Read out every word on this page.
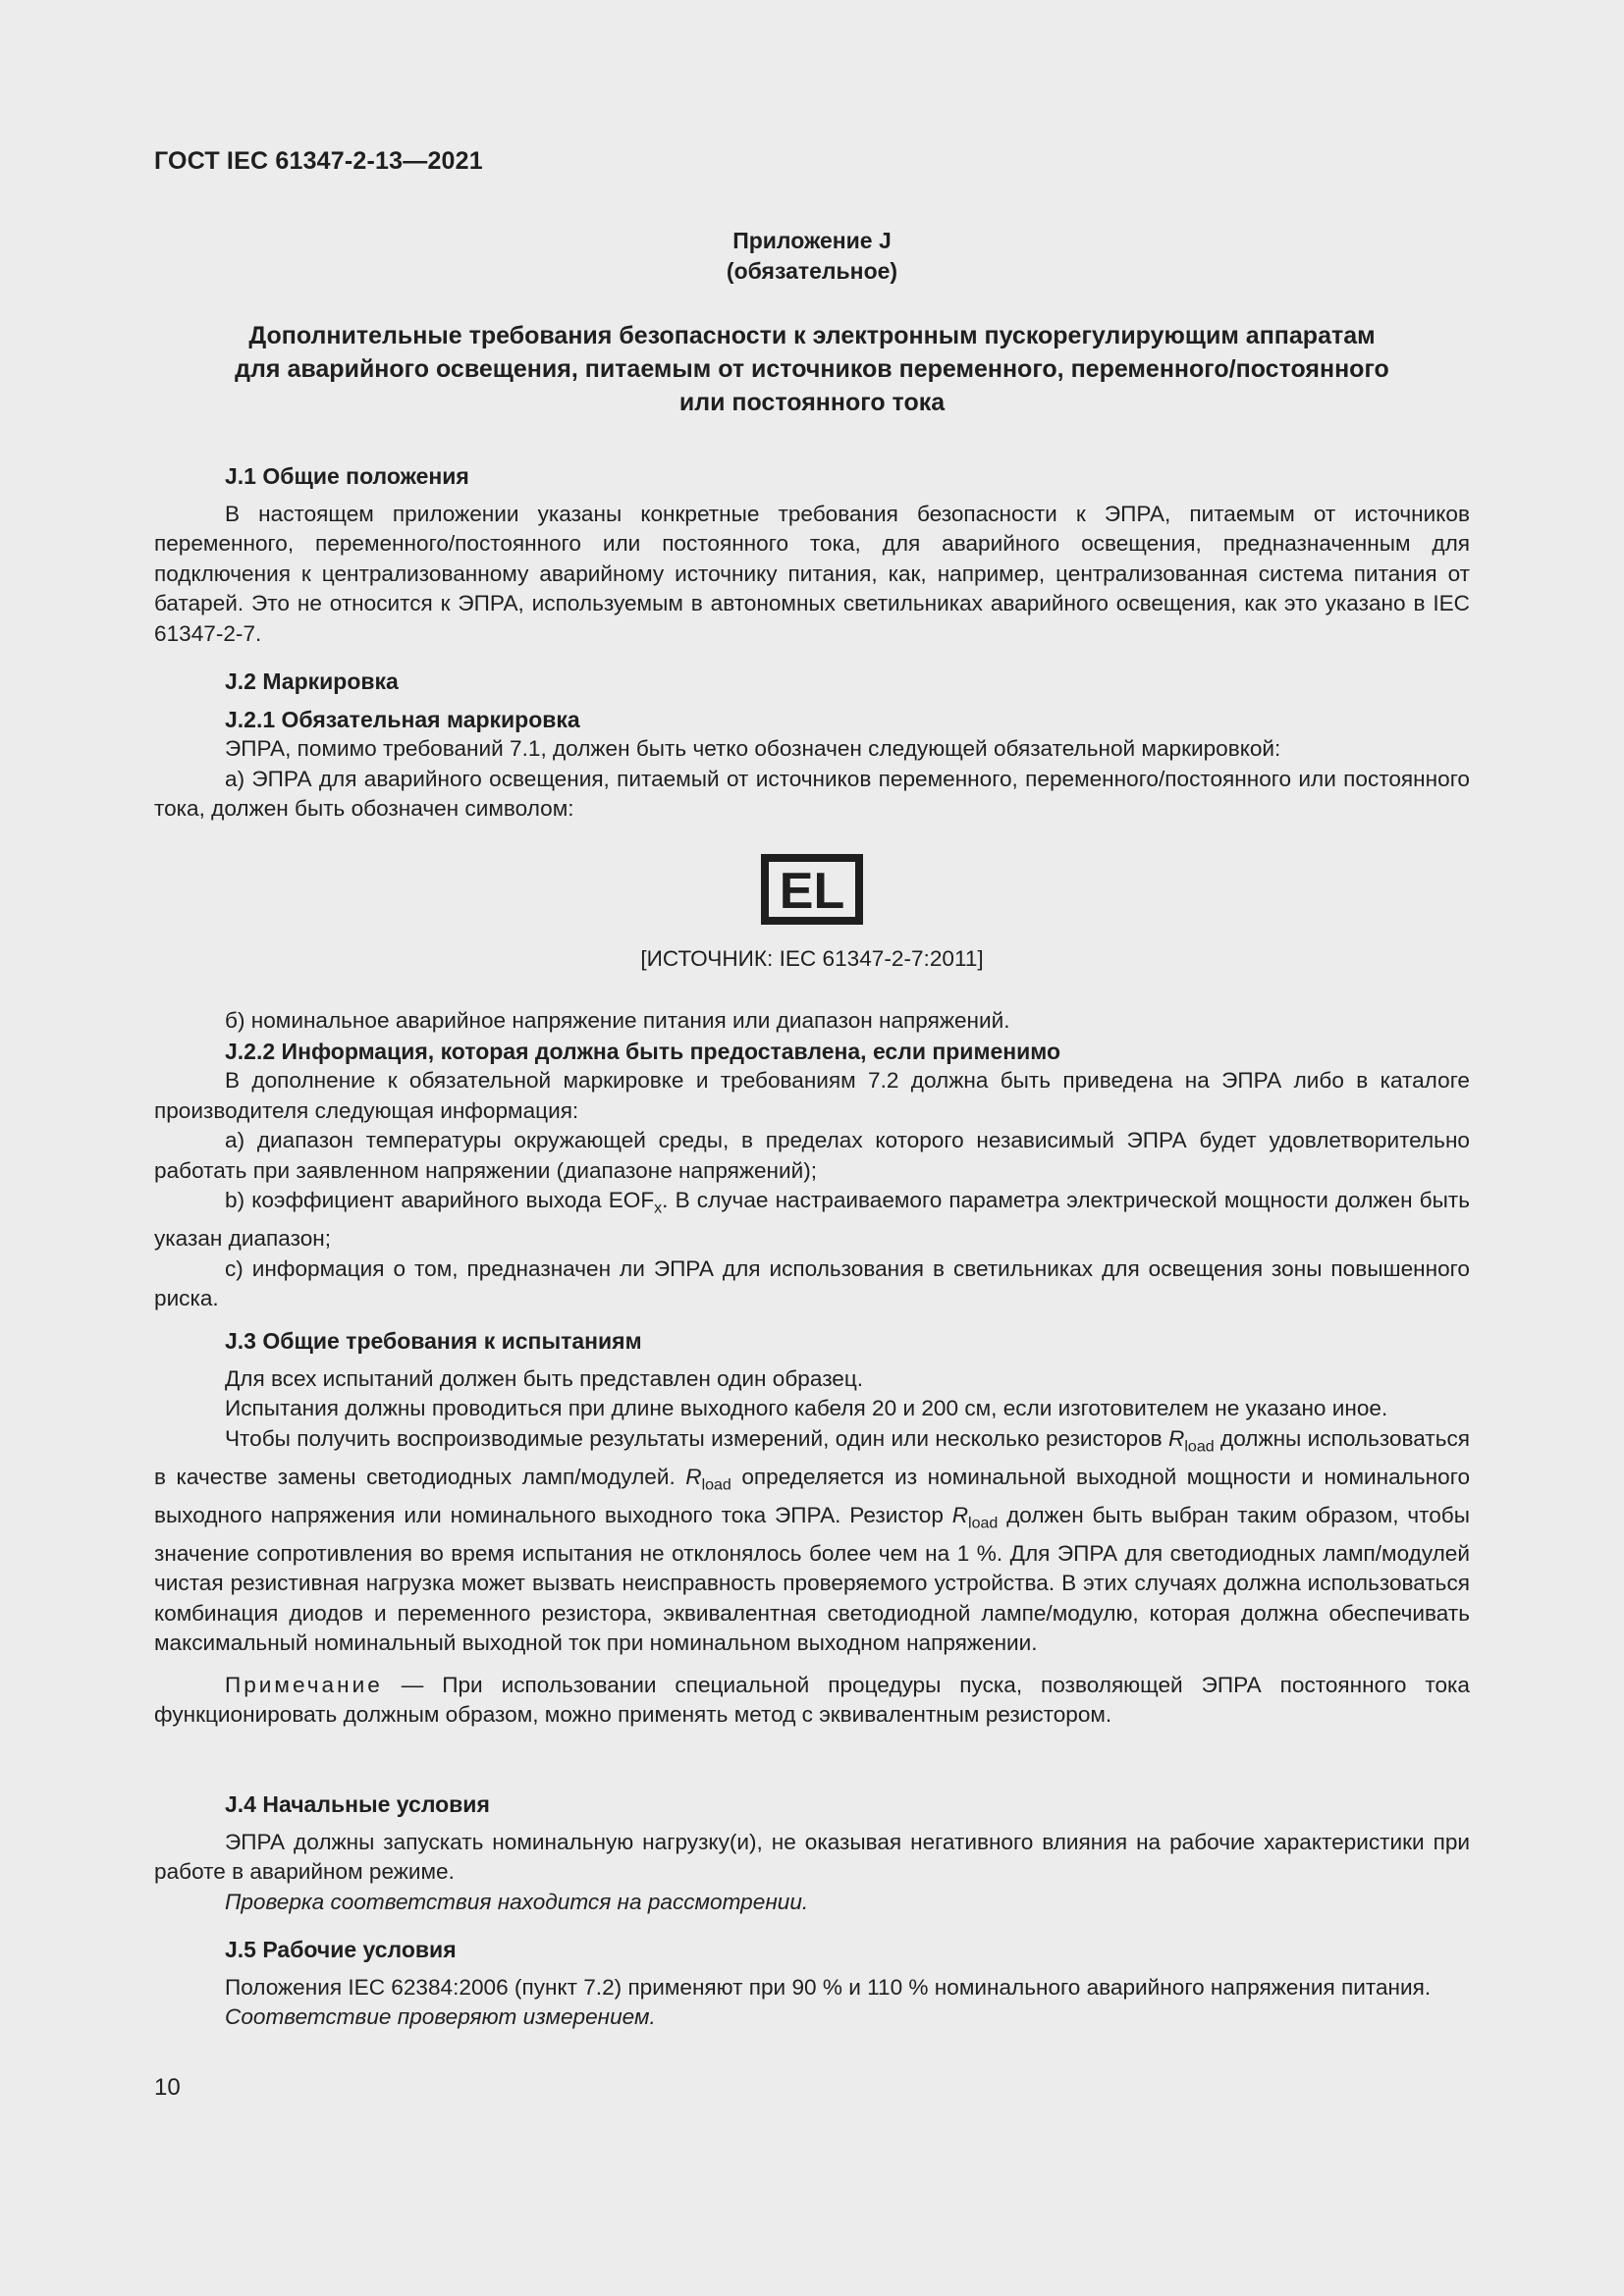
ГОСТ IEC 61347-2-13—2021
Приложение J
(обязательное)
Дополнительные требования безопасности к электронным пускорегулирующим аппаратам
для аварийного освещения, питаемым от источников переменного, переменного/постоянного
или постоянного тока

J.1 Общие положения

В настоящем приложении указаны конкретные требования безопасности к ЭПРА, питаемым от источников переменного, переменного/постоянного или постоянного тока, для аварийного освещения, предназначенным для подключения к централизованному аварийному источнику питания, как, например, централизованная система питания от батарей. Это не относится к ЭПРА, используемым в автономных светильниках аварийного освещения, как это указано в IEC 61347-2-7.

J.2 Маркировка

J.2.1 Обязательная маркировка

ЭПРА, помимо требований 7.1, должен быть четко обозначен следующей обязательной маркировкой:

а) ЭПРА для аварийного освещения, питаемый от источников переменного, переменного/постоянного или постоянного тока, должен быть обозначен символом:

EL
[ИСТОЧНИК: IEC 61347-2-7:2011]

б) номинальное аварийное напряжение питания или диапазон напряжений.

J.2.2 Информация, которая должна быть предоставлена, если применимо

В дополнение к обязательной маркировке и требованиям 7.2 должна быть приведена на ЭПРА либо в каталоге производителя следующая информация:

а) диапазон температуры окружающей среды, в пределах которого независимый ЭПРА будет удовлетворительно работать при заявленном напряжении (диапазоне напряжений);

b) коэффициент аварийного выхода $EOF_x$. В случае настраиваемого параметра электрической мощности должен быть указан диапазон;

c) информация о том, предназначен ли ЭПРА для использования в светильниках для освещения зоны повышенного риска.

J.3 Общие требования к испытаниям

Для всех испытаний должен быть представлен один образец.

Испытания должны проводиться при длине выходного кабеля 20 и 200 см, если изготовителем не указано иное.

Чтобы получить воспроизводимые результаты измерений, один или несколько резисторов $R_{load}$ должны использоваться в качестве замены светодиодных ламп/модулей. $R_{load}$ определяется из номинальной выходной мощности и номинального выходного напряжения или номинального выходного тока ЭПРА. Резистор $R_{load}$ должен быть выбран таким образом, чтобы значение сопротивления во время испытания не отклонялось более чем на 1 %. Для ЭПРА для светодиодных ламп/модулей чистая резистивная нагрузка может вызвать неисправность проверяемого устройства. В этих случаях должна использоваться комбинация диодов и переменного резистора, эквивалентная светодиодной лампе/модулю, которая должна обеспечивать максимальный номинальный выходной ток при номинальном выходном напряжении.

Примечание — При использовании специальной процедуры пуска, позволяющей ЭПРА постоянного тока функционировать должным образом, можно применять метод с эквивалентным резистором.

J.4 Начальные условия

ЭПРА должны запускать номинальную нагрузку(и), не оказывая негативного влияния на рабочие характеристики при работе в аварийном режиме.

Проверка соответствия находится на рассмотрении.

J.5 Рабочие условия

Положения IEC 62384:2006 (пункт 7.2) применяют при 90 % и 110 % номинального аварийного напряжения питания.

Соответствие проверяют измерением.

10
